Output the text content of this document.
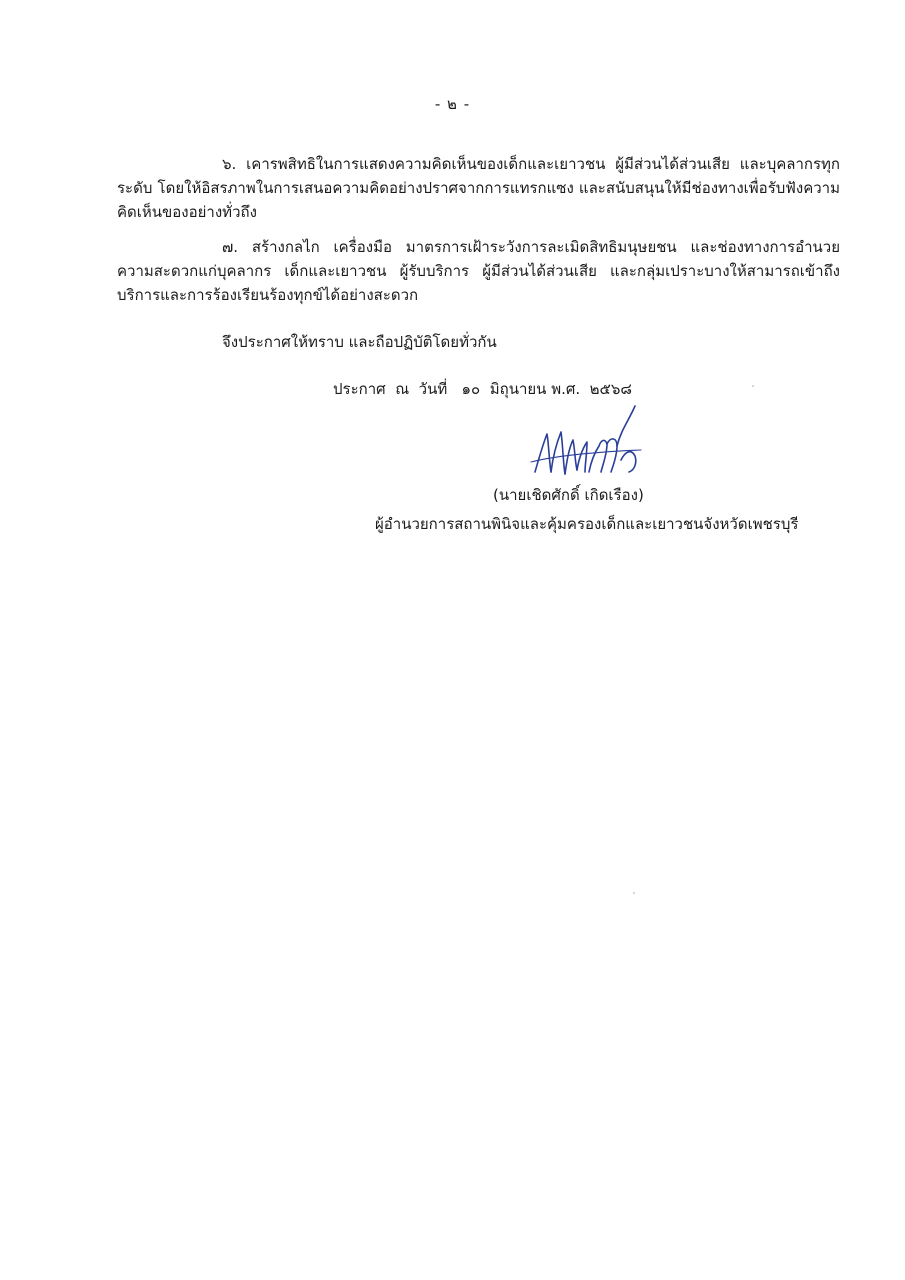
- ๒ -

๖. เคารพสิทธิในการแสดงความคิดเห็นของเด็กและเยาวชน ผู้มีส่วนได้ส่วนเสีย และบุคลากรทุกระดับ โดยให้อิสรภาพในการเสนอความคิดอย่างปราศจากการแทรกแซง และสนับสนุนให้มีช่องทางเพื่อรับฟังความคิดเห็นของอย่างทั่วถึง

๗. สร้างกลไก เครื่องมือ มาตรการเฝ้าระวังการละเมิดสิทธิมนุษยชน และช่องทางการอำนวยความสะดวกแก่บุคลากร เด็กและเยาวชน ผู้รับบริการ ผู้มีส่วนได้ส่วนเสีย และกลุ่มเปราะบางให้สามารถเข้าถึงบริการและการร้องเรียนร้องทุกข์ได้อย่างสะดวก

จึงประกาศให้ทราบ และถือปฏิบัติโดยทั่วกัน
ประกาศ  ณ  วันที่   ๑๐  มิถุนายน พ.ศ.  ๒๕๖๘
(นายเชิดศักดิ์ เกิดเรือง)
ผู้อำนวยการสถานพินิจและคุ้มครองเด็กและเยาวชนจังหวัดเพชรบุรี
